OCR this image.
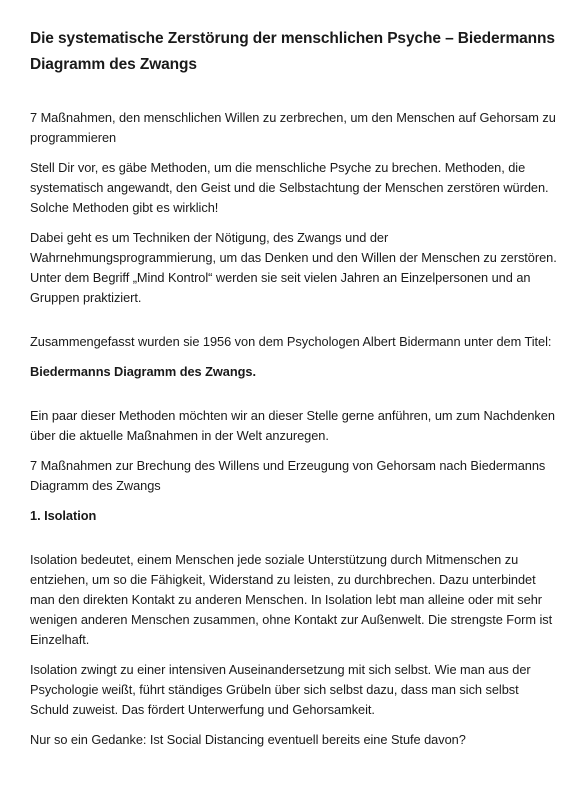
Die systematische Zerstörung der menschlichen Psyche – Biedermanns Diagramm des Zwangs

7 Maßnahmen, den menschlichen Willen zu zerbrechen, um den Menschen auf Gehorsam zu programmieren

Stell Dir vor, es gäbe Methoden, um die menschliche Psyche zu brechen. Methoden, die systematisch angewandt, den Geist und die Selbstachtung der Menschen zerstören würden. Solche Methoden gibt es wirklich!

Dabei geht es um Techniken der Nötigung, des Zwangs und der Wahrnehmungsprogrammierung, um das Denken und den Willen der Menschen zu zerstören. Unter dem Begriff „Mind Kontrol“ werden sie seit vielen Jahren an Einzelpersonen und an Gruppen praktiziert.

Zusammengefasst wurden sie 1956 von dem Psychologen Albert Bidermann unter dem Titel:

Biedermanns Diagramm des Zwangs.

Ein paar dieser Methoden möchten wir an dieser Stelle gerne anführen, um zum Nachdenken über die aktuelle Maßnahmen in der Welt anzuregen.

7 Maßnahmen zur Brechung des Willens und Erzeugung von Gehorsam nach Biedermanns Diagramm des Zwangs

1. Isolation

Isolation bedeutet, einem Menschen jede soziale Unterstützung durch Mitmenschen zu entziehen, um so die Fähigkeit, Widerstand zu leisten, zu durchbrechen. Dazu unterbindet man den direkten Kontakt zu anderen Menschen. In Isolation lebt man alleine oder mit sehr wenigen anderen Menschen zusammen, ohne Kontakt zur Außenwelt. Die strengste Form ist Einzelhaft.

Isolation zwingt zu einer intensiven Auseinandersetzung mit sich selbst. Wie man aus der Psychologie weißt, führt ständiges Grübeln über sich selbst dazu, dass man sich selbst Schuld zuweist. Das fördert Unterwerfung und Gehorsamkeit.

Nur so ein Gedanke: Ist Social Distancing eventuell bereits eine Stufe davon?
